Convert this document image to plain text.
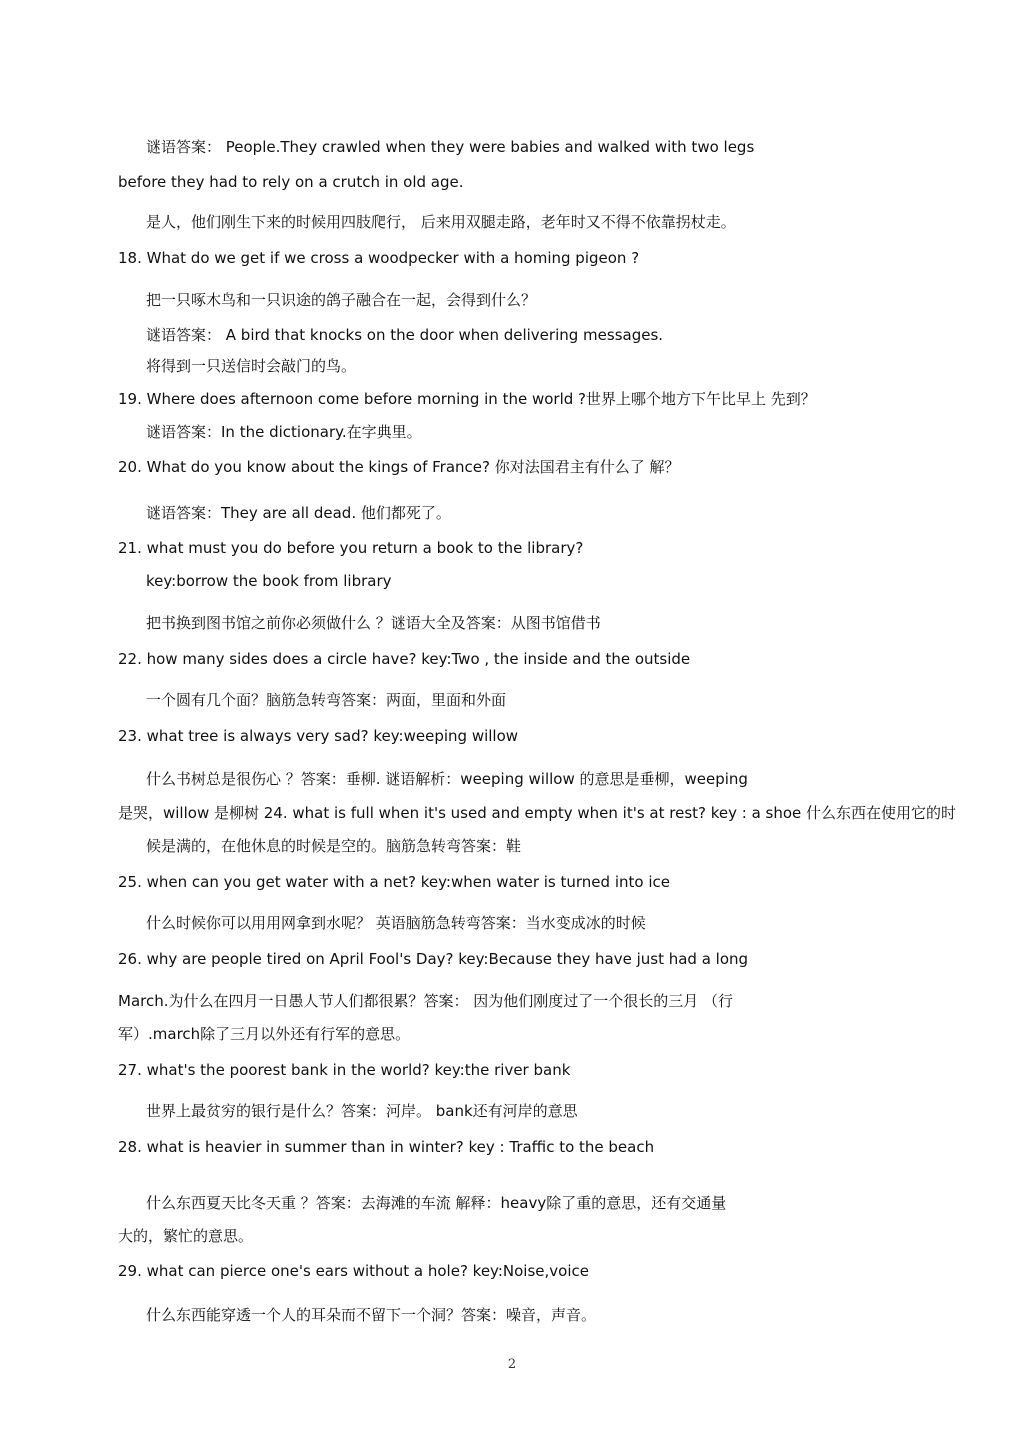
谜语答案： People.They crawled when they were babies and walked with two legs
before they had to rely on a crutch in old age.
是人，他们刚生下来的时候用四肢爬行， 后来用双腿走路，老年时又不得不依靠拐杖走。
18. What do we get if we cross a woodpecker with a homing pigeon ?
把一只啄木鸟和一只识途的鸽子融合在一起，会得到什么？
谜语答案： A bird that knocks on the door when delivering messages.
将得到一只送信时会敲门的鸟。
19. Where does afternoon come before morning in the world ?世界上哪个地方下午比早上 先到？
谜语答案：In the dictionary.在字典里。
20. What do you know about the kings of France? 你对法国君主有什么了 解？
谜语答案：They are all dead. 他们都死了。
21. what must you do before you return a book to the library?
key:borrow the book from library
把书换到图书馆之前你必须做什么 ？谜语大全及答案：从图书馆借书
22. how many sides does a circle have? key:Two , the inside and the outside
一个圆有几个面？脑筋急转弯答案：两面，里面和外面
23. what tree is always very sad? key:weeping willow
什么书树总是很伤心 ？答案：垂柳. 谜语解析：weeping willow 的意思是垂柳，weeping
是哭，willow 是柳树 24. what is full when it's used and empty when it's at rest? key : a shoe 什么东西在使用它的时
候是满的，在他休息的时候是空的。脑筋急转弯答案：鞋
25. when can you get water with a net? key:when water is turned into ice
什么时候你可以用用网拿到水呢？ 英语脑筋急转弯答案：当水变成冰的时候
26. why are people tired on April Fool's Day? key:Because they have just had a long
March.为什么在四月一日愚人节人们都很累？答案： 因为他们刚度过了一个很长的三月 （行
军）.march除了三月以外还有行军的意思。
27. what's the poorest bank in the world? key:the river bank
世界上最贫穷的银行是什么？答案：河岸。 bank还有河岸的意思
28. what is heavier in summer than in winter? key : Traffic to the beach
什么东西夏天比冬天重 ？答案：去海滩的车流 解释：heavy除了重的意思，还有交通量
大的，繁忙的意思。
29. what can pierce one's ears without a hole? key:Noise,voice
什么东西能穿透一个人的耳朵而不留下一个洞？答案：噪音，声音。
2
